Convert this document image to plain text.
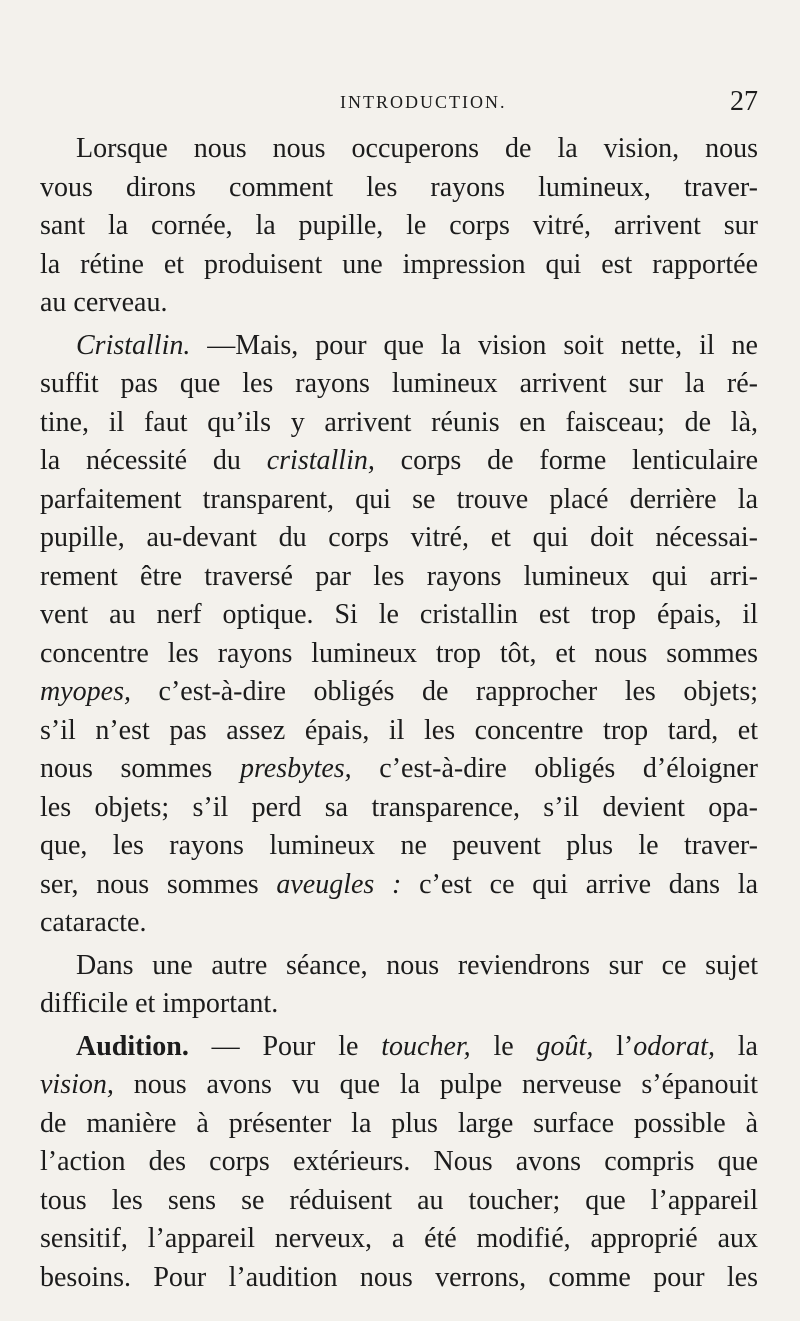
INTRODUCTION.	27
Lorsque nous nous occuperons de la vision, nous
vous dirons comment les rayons lumineux, traver-
sant la cornée, la pupille, le corps vitré, arrivent sur
la rétine et produisent une impression qui est rapportée
au cerveau.
Cristallin. —Mais, pour que la vision soit nette, il ne
suffit pas que les rayons lumineux arrivent sur la ré-
tine, il faut qu’ils y arrivent réunis en faisceau; de là,
la nécessité du cristallin, corps de forme lenticulaire
parfaitement transparent, qui se trouve placé derrière la
pupille, au-devant du corps vitré, et qui doit nécessai-
rement être traversé par les rayons lumineux qui arri-
vent au nerf optique. Si le cristallin est trop épais, il
concentre les rayons lumineux trop tôt, et nous sommes
myopes, c’est-à-dire obligés de rapprocher les objets;
s’il n’est pas assez épais, il les concentre trop tard, et
nous sommes presbytes, c’est-à-dire obligés d’éloigner
les objets; s’il perd sa transparence, s’il devient opa-
que, les rayons lumineux ne peuvent plus le traver-
ser, nous sommes aveugles : c’est ce qui arrive dans la
cataracte.
Dans une autre séance, nous reviendrons sur ce sujet
difficile et important.
Audition. — Pour le toucher, le goût, l’odorat, la
vision, nous avons vu que la pulpe nerveuse s’épanouit
de manière à présenter la plus large surface possible à
l’action des corps extérieurs. Nous avons compris que
tous les sens se réduisent au toucher; que l’appareil
sensitif, l’appareil nerveux, a été modifié, approprié aux
besoins. Pour l’audition nous verrons, comme pour les
